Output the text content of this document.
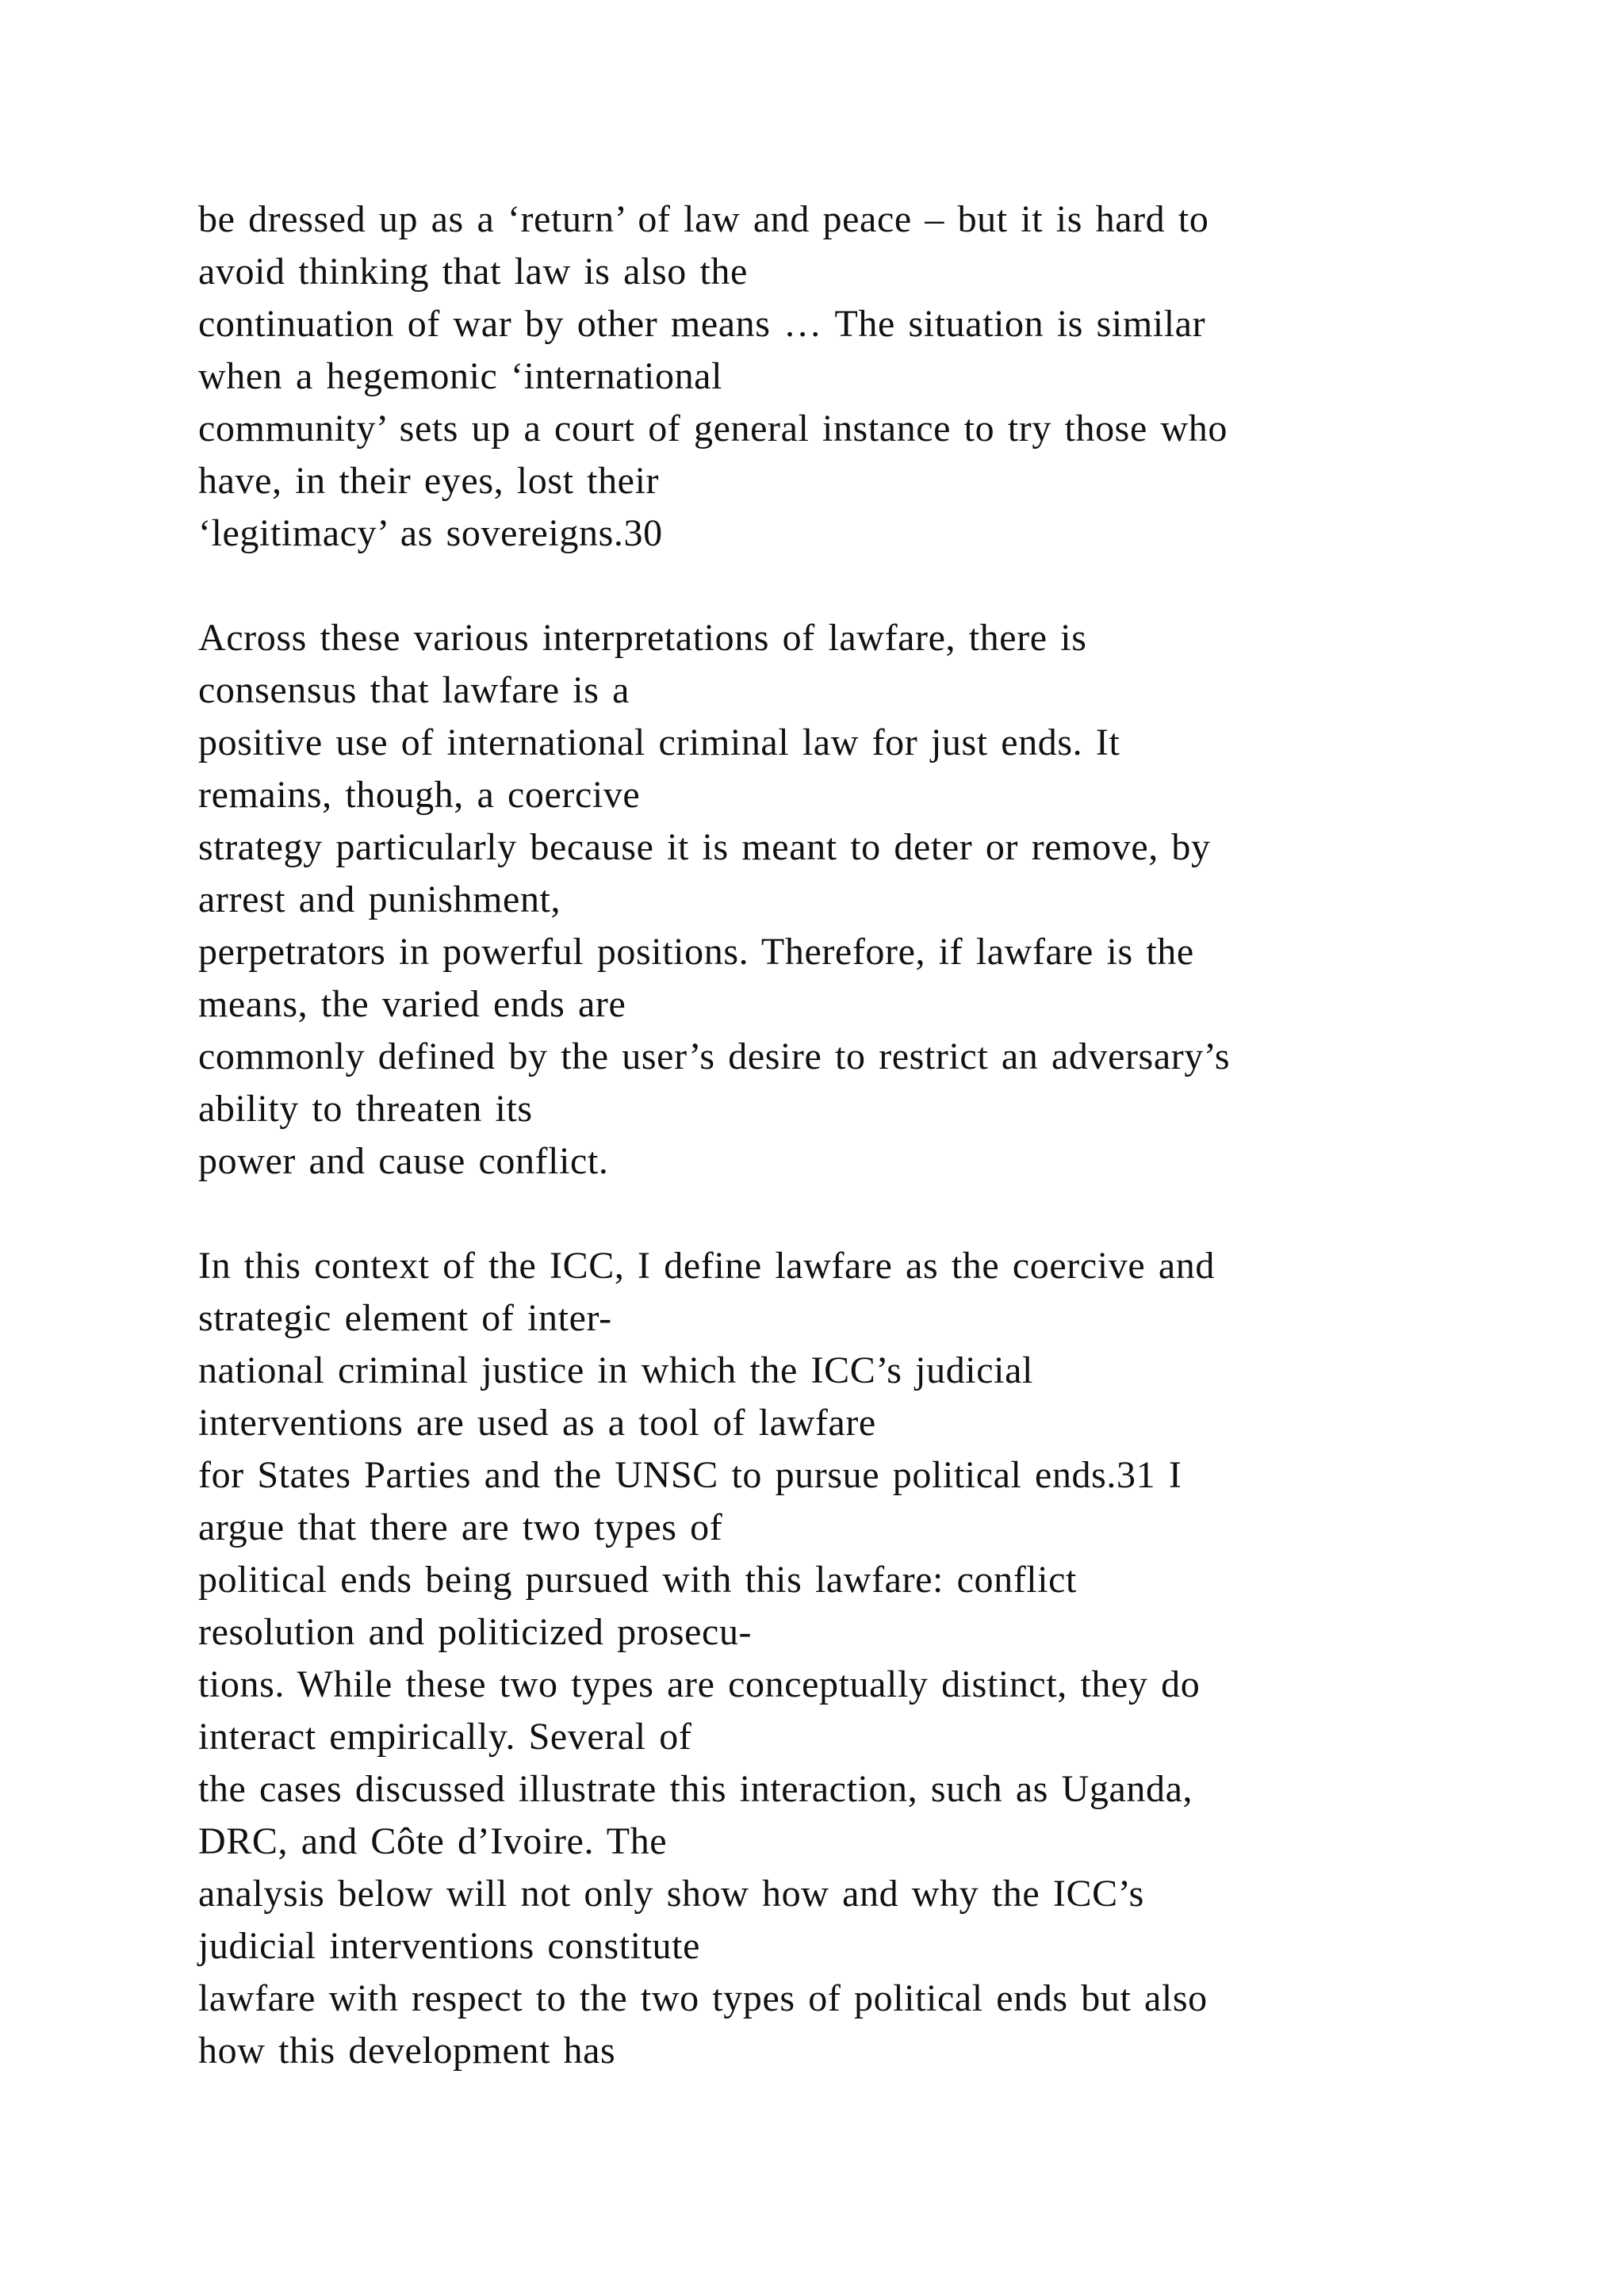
be dressed up as a ‘return’ of law and peace – but it is hard to
avoid thinking that law is also the
continuation of war by other means … The situation is similar
when a hegemonic ‘international
community’ sets up a court of general instance to try those who
have, in their eyes, lost their
‘legitimacy’ as sovereigns.30

Across these various interpretations of lawfare, there is
consensus that lawfare is a
positive use of international criminal law for just ends. It
remains, though, a coercive
strategy particularly because it is meant to deter or remove, by
arrest and punishment,
perpetrators in powerful positions. Therefore, if lawfare is the
means, the varied ends are
commonly defined by the user’s desire to restrict an adversary’s
ability to threaten its
power and cause conflict.

In this context of the ICC, I define lawfare as the coercive and
strategic element of inter-
national criminal justice in which the ICC’s judicial
interventions are used as a tool of lawfare
for States Parties and the UNSC to pursue political ends.31 I
argue that there are two types of
political ends being pursued with this lawfare: conflict
resolution and politicized prosecu-
tions. While these two types are conceptually distinct, they do
interact empirically. Several of
the cases discussed illustrate this interaction, such as Uganda,
DRC, and Côte d’Ivoire. The
analysis below will not only show how and why the ICC’s
judicial interventions constitute
lawfare with respect to the two types of political ends but also
how this development has
